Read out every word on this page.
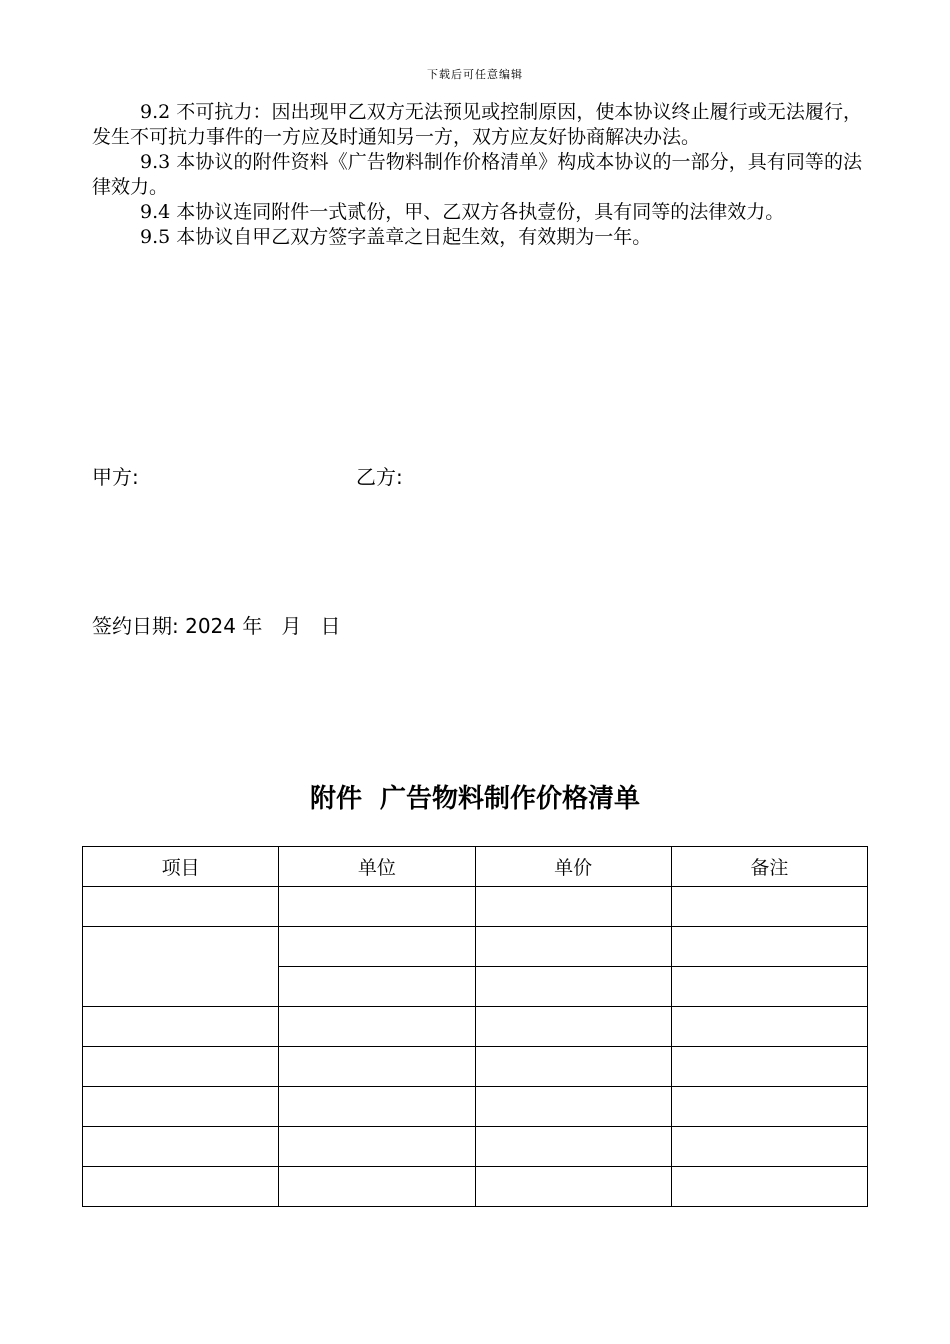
下载后可任意编辑

9.2 不可抗力：因出现甲乙双方无法预见或控制原因，使本协议终止履行或无法履行，发生不可抗力事件的一方应及时通知另一方，双方应友好协商解决办法。

9.3 本协议的附件资料《广告物料制作价格清单》构成本协议的一部分，具有同等的法律效力。

9.4 本协议连同附件一式贰份，甲、乙双方各执壹份，具有同等的法律效力。

9.5 本协议自甲乙双方签字盖章之日起生效，有效期为一年。

甲方:	乙方:
签约日期: 2024 年   月   日
附件  广告物料制作价格清单
项目	单位	单价	备注
